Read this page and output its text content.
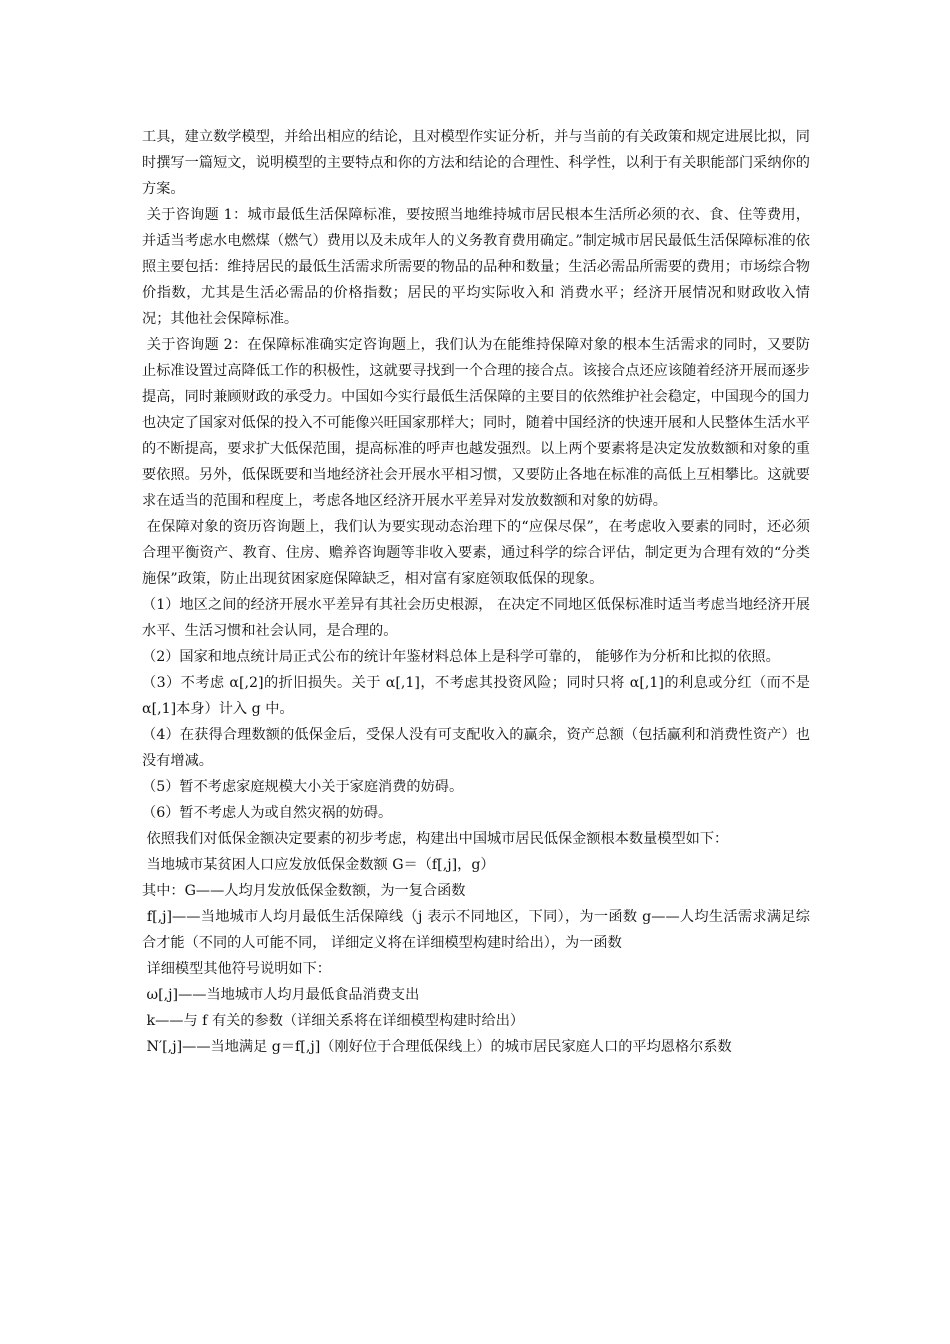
工具，建立数学模型，并给出相应的结论，且对模型作实证分析，并与当前的有关政策和规定进展比拟，同时撰写一篇短文，说明模型的主要特点和你的方法和结论的合理性、科学性，以利于有关职能部门采纳你的方案。

关于咨询题 1：城市最低生活保障标准，要按照当地维持城市居民根本生活所必须的衣、食、住等费用，并适当考虑水电燃煤（燃气）费用以及未成年人的义务教育费用确定。”制定城市居民最低生活保障标准的依照主要包括：维持居民的最低生活需求所需要的物品的品种和数量；生活必需品所需要的费用；市场综合物价指数，尤其是生活必需品的价格指数；居民的平均实际收入和 消费水平；经济开展情况和财政收入情况；其他社会保障标准。

关于咨询题 2：在保障标准确实定咨询题上，我们认为在能维持保障对象的根本生活需求的同时，又要防止标准设置过高降低工作的积极性，这就要寻找到一个合理的接合点。该接合点还应该随着经济开展而逐步提高，同时兼顾财政的承受力。中国如今实行最低生活保障的主要目的依然维护社会稳定，中国现今的国力也决定了国家对低保的投入不可能像兴旺国家那样大；同时，随着中国经济的快速开展和人民整体生活水平的不断提高，要求扩大低保范围，提高标准的呼声也越发强烈。以上两个要素将是决定发放数额和对象的重要依照。另外，低保既要和当地经济社会开展水平相习惯，又要防止各地在标准的高低上互相攀比。这就要求在适当的范围和程度上，考虑各地区经济开展水平差异对发放数额和对象的妨碍。

在保障对象的资历咨询题上，我们认为要实现动态治理下的“应保尽保”，在考虑收入要素的同时，还必须合理平衡资产、教育、住房、赡养咨询题等非收入要素，通过科学的综合评估，制定更为合理有效的“分类施保”政策，防止出现贫困家庭保障缺乏，相对富有家庭领取低保的现象。

（1）地区之间的经济开展水平差异有其社会历史根源， 在决定不同地区低保标准时适当考虑当地经济开展水平、生活习惯和社会认同，是合理的。

（2）国家和地点统计局正式公布的统计年鉴材料总体上是科学可靠的， 能够作为分析和比拟的依照。

（3）不考虑 α[,2]的折旧损失。关于 α[,1]，不考虑其投资风险；同时只将 α[,1]的利息或分红（而不是 α[,1]本身）计入 g 中。

（4）在获得合理数额的低保金后，受保人没有可支配收入的赢余，资产总额（包括赢利和消费性资产）也没有增减。

（5）暂不考虑家庭规模大小关于家庭消费的妨碍。

（6）暂不考虑人为或自然灾祸的妨碍。

依照我们对低保金额决定要素的初步考虑，构建出中国城市居民低保金额根本数量模型如下：

当地城市某贫困人口应发放低保金数额 G＝（f[,j]，g）

其中：G——人均月发放低保金数额，为一复合函数

f[,j]——当地城市人均月最低生活保障线（j 表示不同地区，下同），为一函数 g——人均生活需求满足综合才能（不同的人可能不同， 详细定义将在详细模型构建时给出），为一函数

详细模型其他符号说明如下：

ω[,j]——当地城市人均月最低食品消费支出

k——与 f 有关的参数（详细关系将在详细模型构建时给出）

N′[,j]——当地满足 g＝f[,j]（刚好位于合理低保线上）的城市居民家庭人口的平均恩格尔系数
